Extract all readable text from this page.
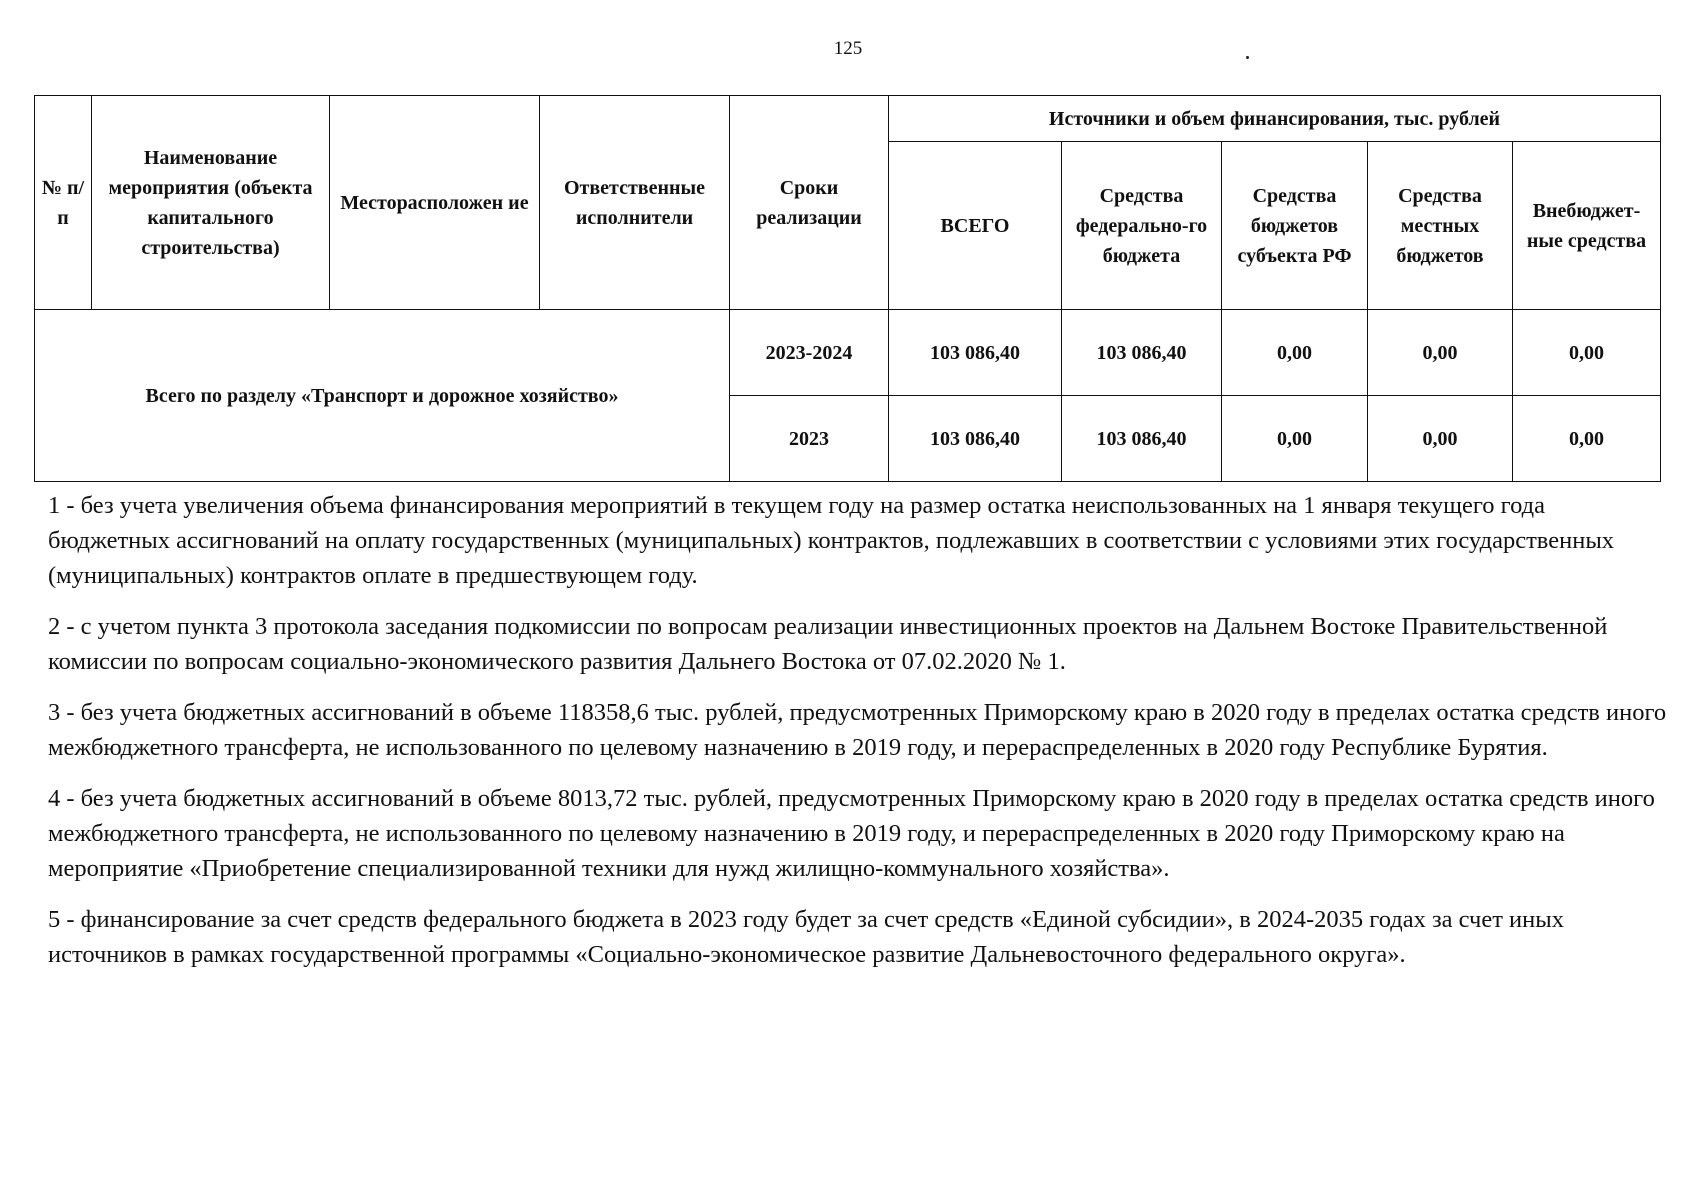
125
№ п/п	Наименование мероприятия (объекта капитального строительства)	Месторасположен ие	Ответственные исполнители	Сроки реализации	Источники и объем финансирования, тыс. рублей				
					ВСЕГО	Средства федерально-го бюджета	Средства бюджетов субъекта РФ	Средства местных бюджетов	Внебюджет-ные средства
Всего по разделу «Транспорт и дорожное хозяйство»				2023-2024	103 086,40	103 086,40	0,00	0,00	0,00
				2023	103 086,40	103 086,40	0,00	0,00	0,00

1 - без учета увеличения объема финансирования мероприятий в текущем году на размер остатка неиспользованных на 1 января текущего года бюджетных ассигнований на оплату государственных (муниципальных) контрактов, подлежавших в соответствии с условиями этих государственных (муниципальных) контрактов оплате в предшествующем году.

2 - с учетом пункта 3 протокола заседания подкомиссии по вопросам реализации инвестиционных проектов на Дальнем Востоке Правительственной комиссии по вопросам социально-экономического развития Дальнего Востока от 07.02.2020 № 1.

3 - без учета бюджетных ассигнований в объеме 118358,6 тыс. рублей, предусмотренных Приморскому краю в 2020 году в пределах остатка средств иного межбюджетного трансферта, не использованного по целевому назначению в 2019 году, и перераспределенных в 2020 году Республике Бурятия.

4 - без учета бюджетных ассигнований в объеме 8013,72 тыс. рублей, предусмотренных Приморскому краю в 2020 году в пределах остатка средств иного межбюджетного трансферта, не использованного по целевому назначению в 2019 году, и перераспределенных в 2020 году Приморскому краю на мероприятие «Приобретение специализированной техники для нужд жилищно-коммунального хозяйства».

5 - финансирование за счет средств федерального бюджета в 2023 году будет за счет средств «Единой субсидии», в 2024-2035 годах за счет иных источников в рамках государственной программы «Социально-экономическое развитие Дальневосточного федерального округа».
